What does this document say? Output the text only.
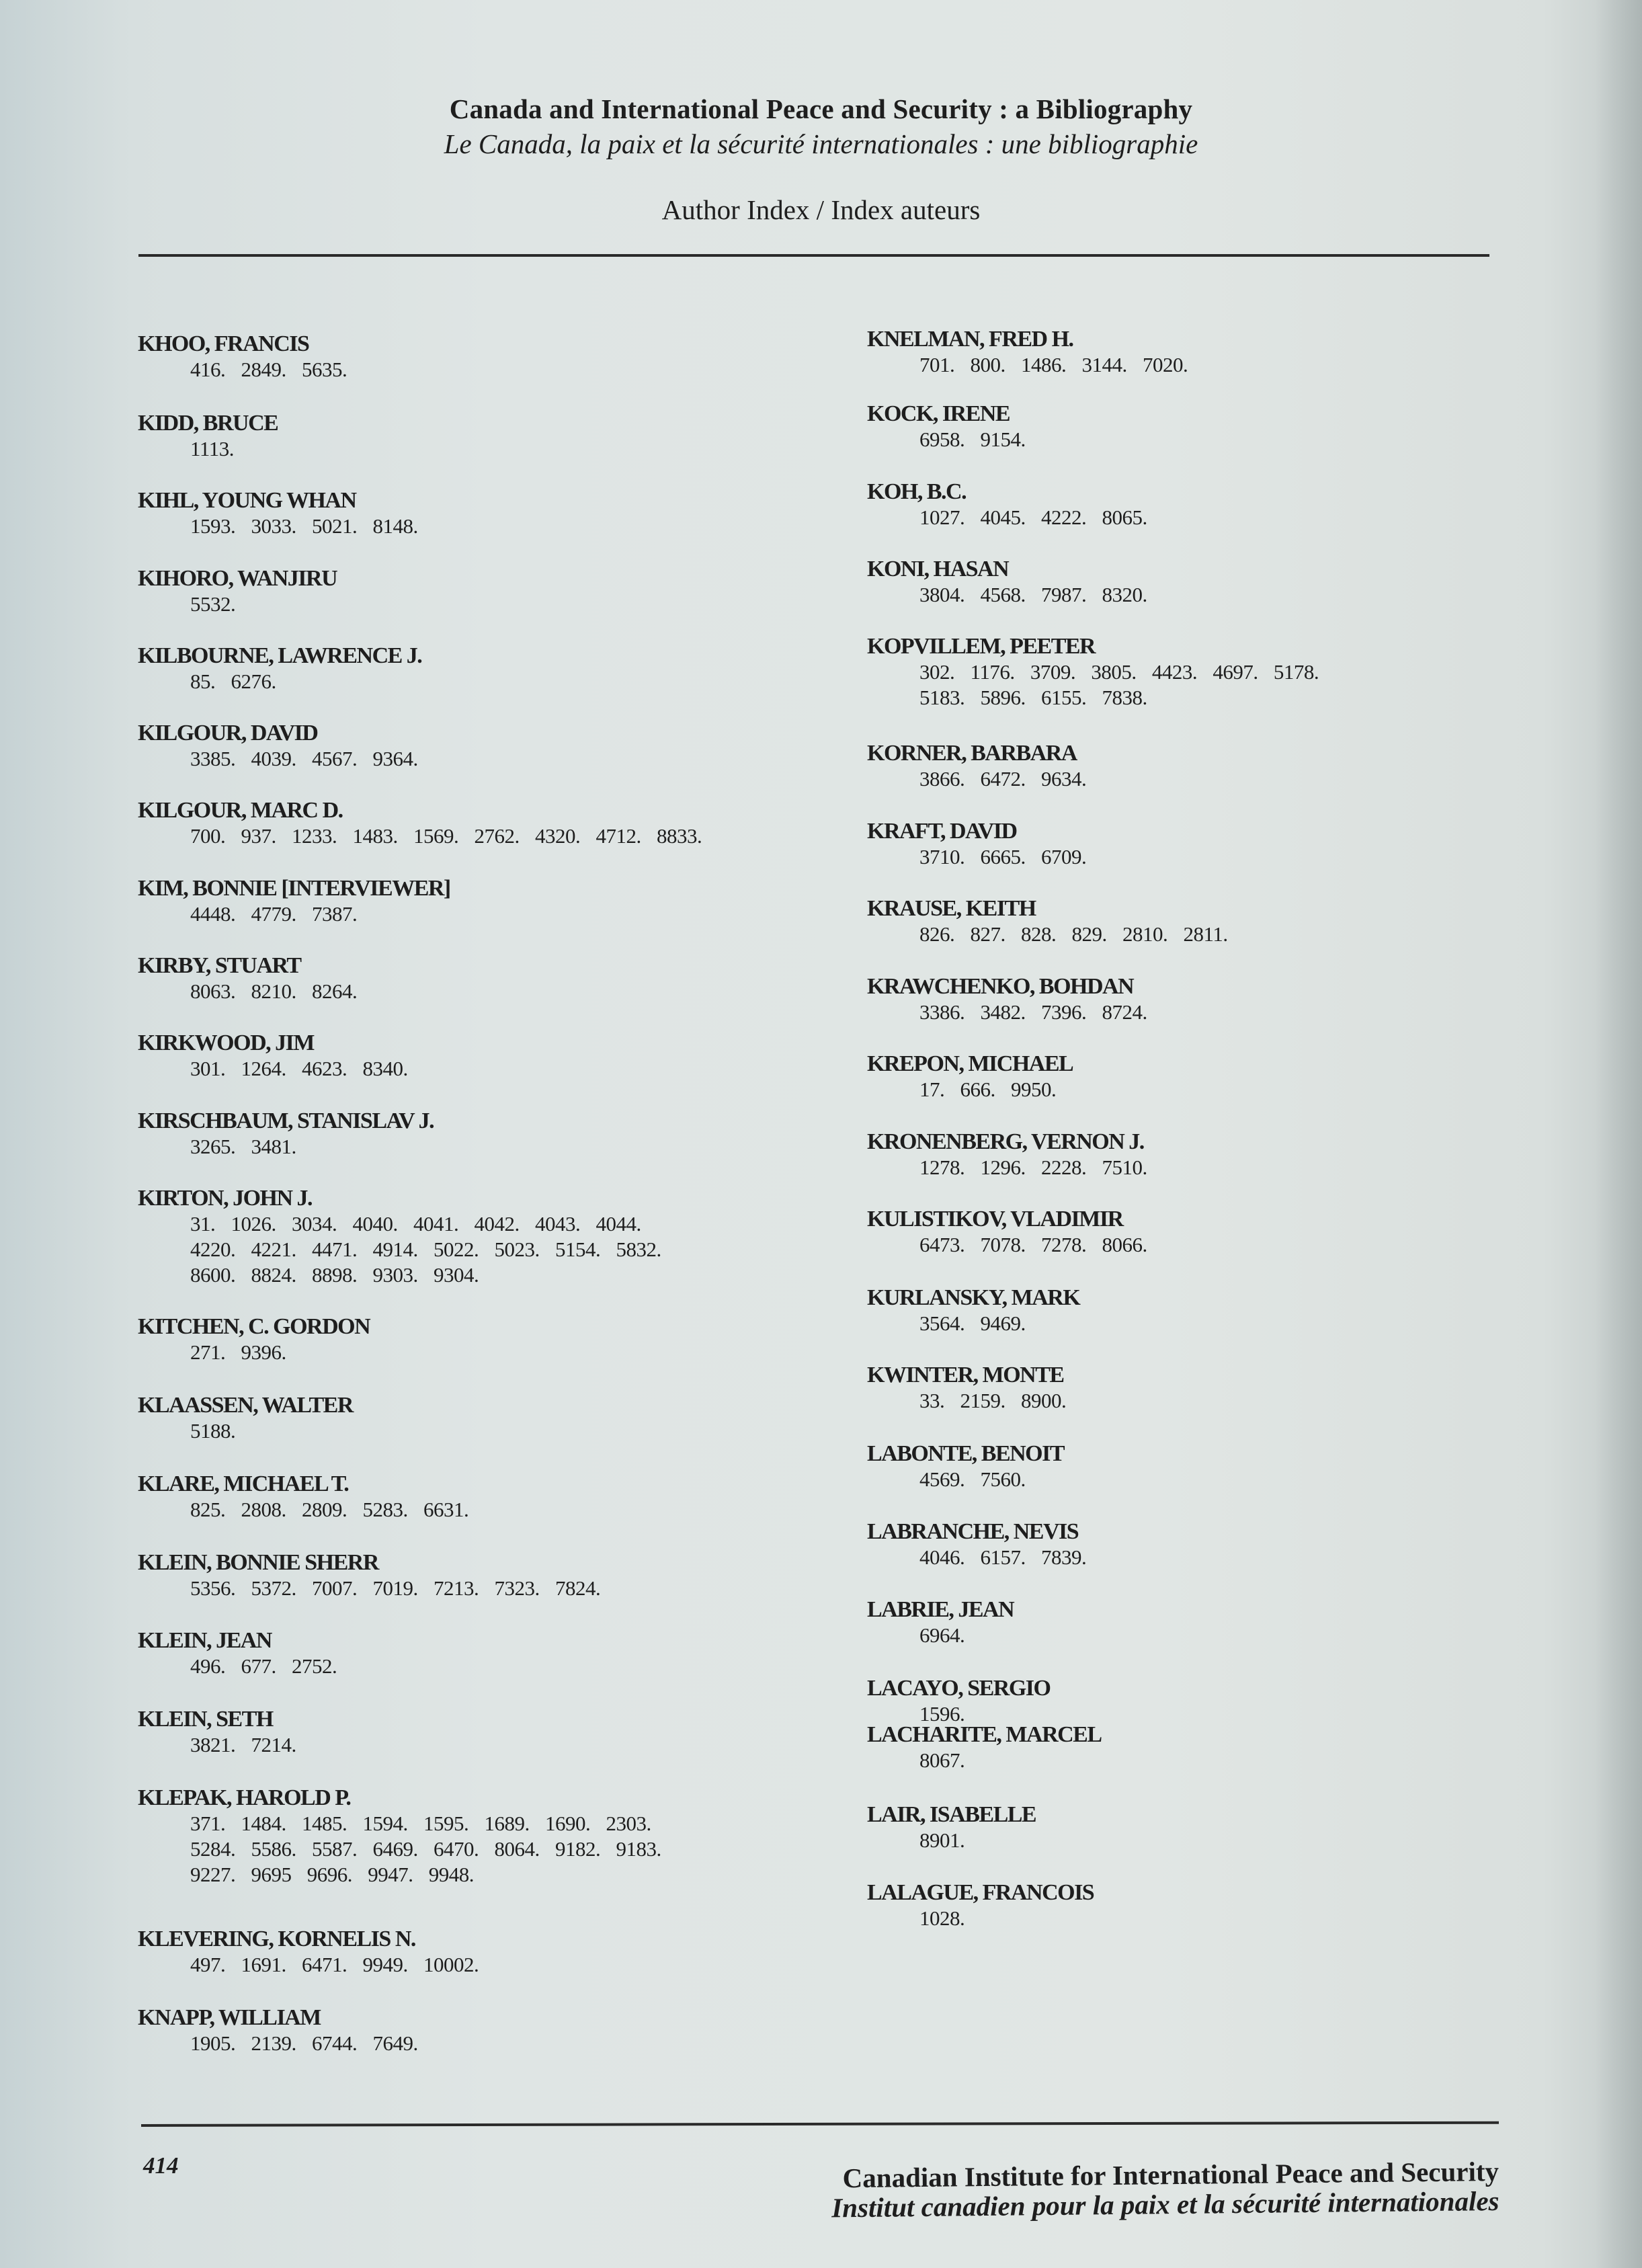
Canada and International Peace and Security : a Bibliography
Le Canada, la paix et la sécurité internationales : une bibliographie
Author Index / Index auteurs
KHOO, FRANCIS
416. 2849. 5635.
KIDD, BRUCE
1113.
KIHL, YOUNG WHAN
1593. 3033. 5021. 8148.
KIHORO, WANJIRU
5532.
KILBOURNE, LAWRENCE J.
85. 6276.
KILGOUR, DAVID
3385. 4039. 4567. 9364.
KILGOUR, MARC D.
700. 937. 1233. 1483. 1569. 2762. 4320. 4712. 8833.
KIM, BONNIE [INTERVIEWER]
4448. 4779. 7387.
KIRBY, STUART
8063. 8210. 8264.
KIRKWOOD, JIM
301. 1264. 4623. 8340.
KIRSCHBAUM, STANISLAV J.
3265. 3481.
KIRTON, JOHN J.
31. 1026. 3034. 4040. 4041. 4042. 4043. 4044.
4220. 4221. 4471. 4914. 5022. 5023. 5154. 5832.
8600. 8824. 8898. 9303. 9304.
KITCHEN, C. GORDON
271. 9396.
KLAASSEN, WALTER
5188.
KLARE, MICHAEL T.
825. 2808. 2809. 5283. 6631.
KLEIN, BONNIE SHERR
5356. 5372. 7007. 7019. 7213. 7323. 7824.
KLEIN, JEAN
496. 677. 2752.
KLEIN, SETH
3821. 7214.
KLEPAK, HAROLD P.
371. 1484. 1485. 1594. 1595. 1689. 1690. 2303.
5284. 5586. 5587. 6469. 6470. 8064. 9182. 9183.
9227. 9695 9696. 9947. 9948.
KLEVERING, KORNELIS N.
497. 1691. 6471. 9949. 10002.
KNAPP, WILLIAM
1905. 2139. 6744. 7649.
KNELMAN, FRED H.
701. 800. 1486. 3144. 7020.
KOCK, IRENE
6958. 9154.
KOH, B.C.
1027. 4045. 4222. 8065.
KONI, HASAN
3804. 4568. 7987. 8320.
KOPVILLEM, PEETER
302. 1176. 3709. 3805. 4423. 4697. 5178.
5183. 5896. 6155. 7838.
KORNER, BARBARA
3866. 6472. 9634.
KRAFT, DAVID
3710. 6665. 6709.
KRAUSE, KEITH
826. 827. 828. 829. 2810. 2811.
KRAWCHENKO, BOHDAN
3386. 3482. 7396. 8724.
KREPON, MICHAEL
17. 666. 9950.
KRONENBERG, VERNON J.
1278. 1296. 2228. 7510.
KULISTIKOV, VLADIMIR
6473. 7078. 7278. 8066.
KURLANSKY, MARK
3564. 9469.
KWINTER, MONTE
33. 2159. 8900.
LABONTE, BENOIT
4569. 7560.
LABRANCHE, NEVIS
4046. 6157. 7839.
LABRIE, JEAN
6964.
LACAYO, SERGIO
1596.
LACHARITE, MARCEL
8067.
LAIR, ISABELLE
8901.
LALAGUE, FRANCOIS
1028.
414	Canadian Institute for International Peace and Security
Institut canadien pour la paix et la sécurité internationales
